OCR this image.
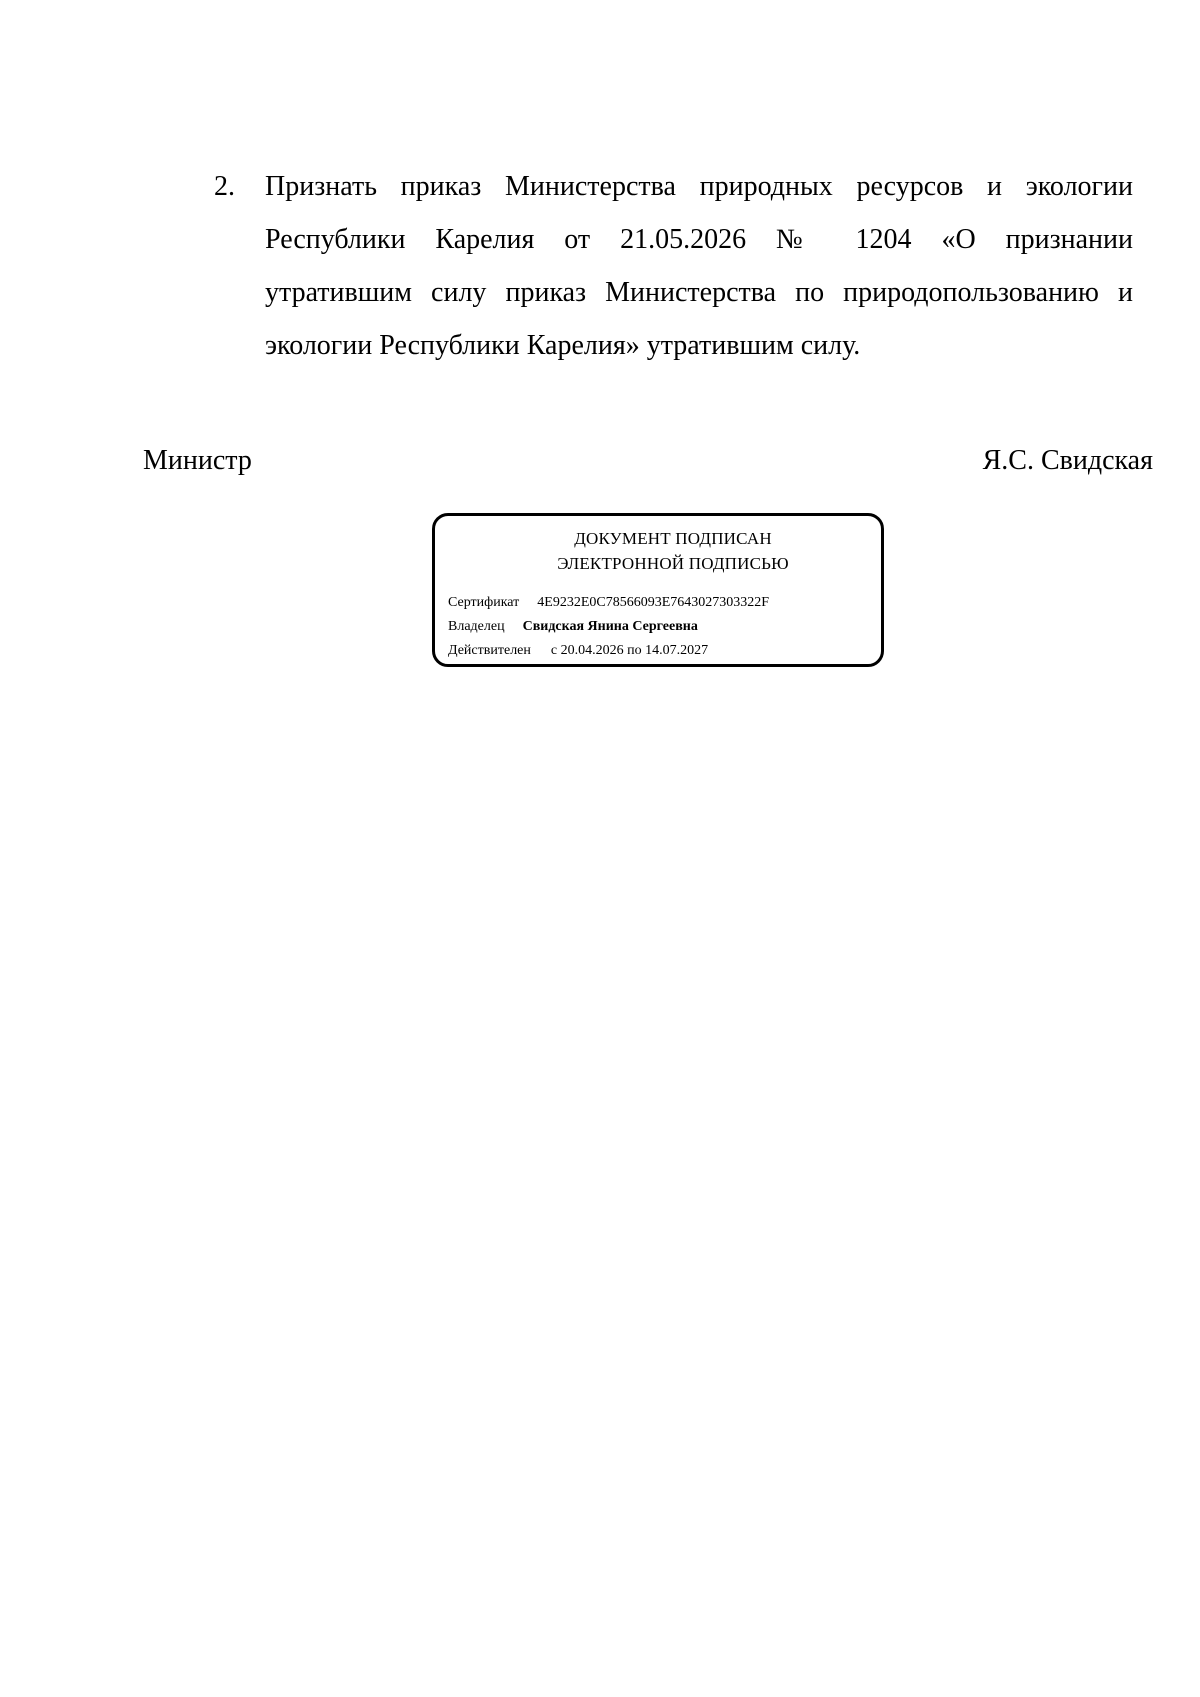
2. Признать приказ Министерства природных ресурсов и экологии
Республики Карелия от 21.05.2026 № 1204 «О признании
утратившим силу приказ Министерства по природопользованию и
экологии Республики Карелия» утратившим силу.
Министр	Я.С. Свидская
ДОКУМЕНТ ПОДПИСАН
ЭЛЕКТРОННОЙ ПОДПИСЬЮ
Сертификат 4E9232E0C78566093E7643027303322F
Владелец Свидская Янина Сергеевна
Действителен с 20.04.2026 по 14.07.2027
